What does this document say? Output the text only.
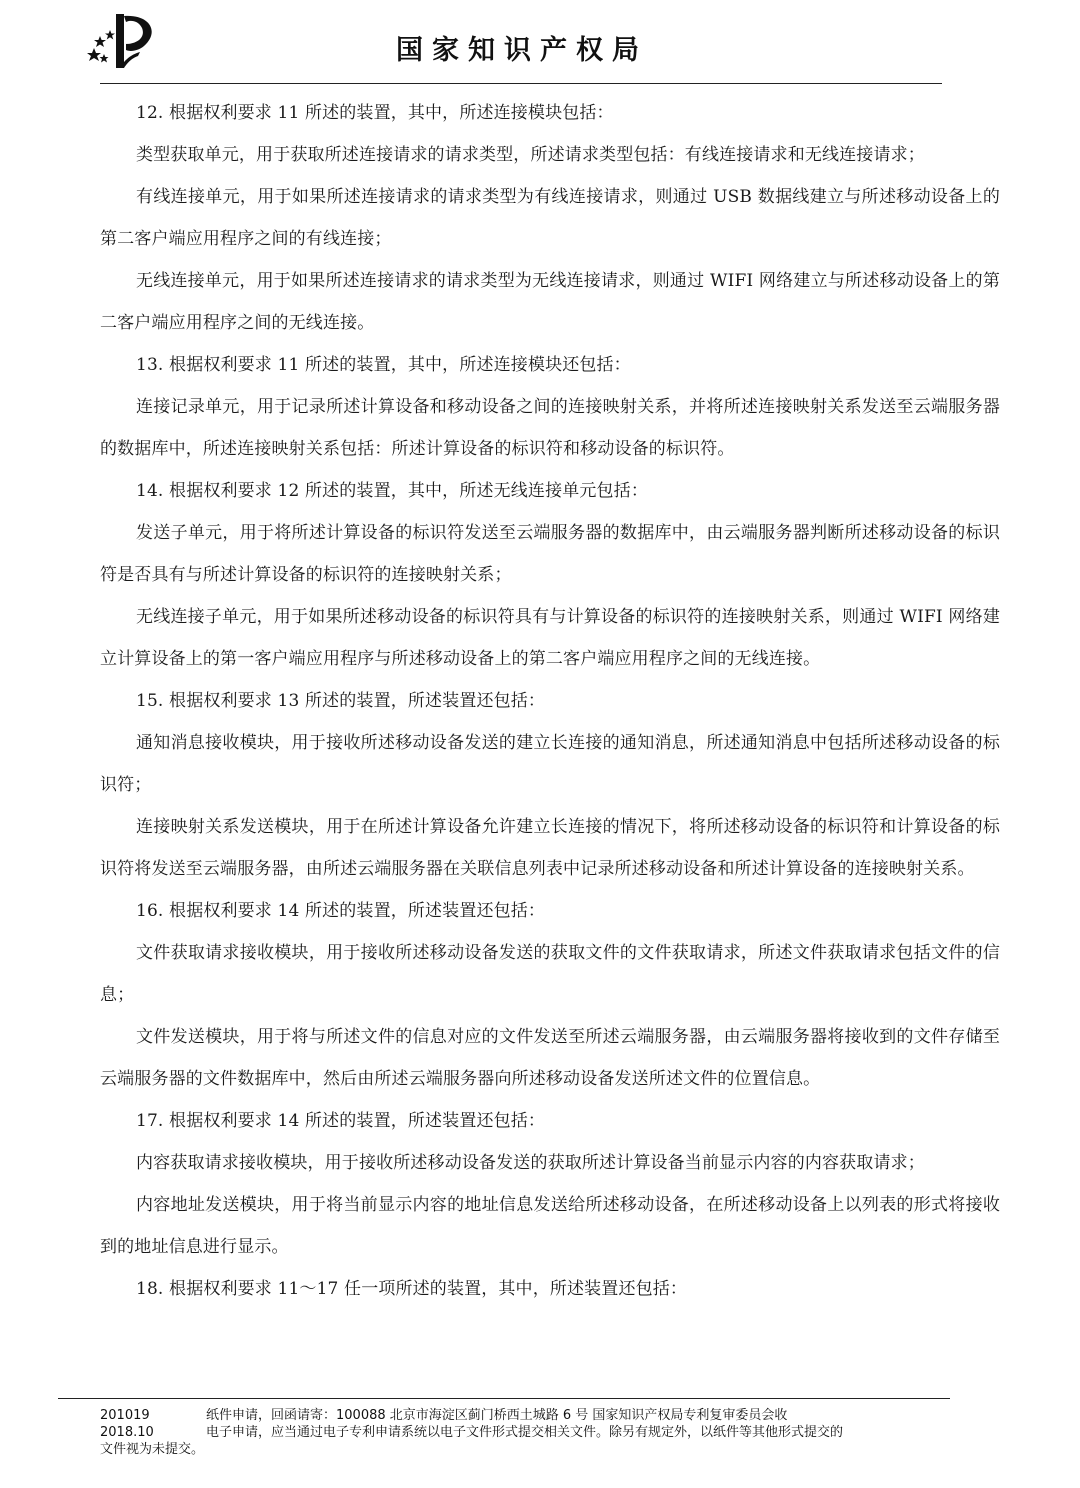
国家知识产权局

12. 根据权利要求 11 所述的装置，其中，所述连接模块包括：

类型获取单元，用于获取所述连接请求的请求类型，所述请求类型包括：有线连接请求和无线连接请求；

有线连接单元，用于如果所述连接请求的请求类型为有线连接请求，则通过 USB 数据线建立与所述移动设备上的第二客户端应用程序之间的有线连接；

无线连接单元，用于如果所述连接请求的请求类型为无线连接请求，则通过 WIFI 网络建立与所述移动设备上的第二客户端应用程序之间的无线连接。

13. 根据权利要求 11 所述的装置，其中，所述连接模块还包括：

连接记录单元，用于记录所述计算设备和移动设备之间的连接映射关系，并将所述连接映射关系发送至云端服务器的数据库中，所述连接映射关系包括：所述计算设备的标识符和移动设备的标识符。

14. 根据权利要求 12 所述的装置，其中，所述无线连接单元包括：

发送子单元，用于将所述计算设备的标识符发送至云端服务器的数据库中，由云端服务器判断所述移动设备的标识符是否具有与所述计算设备的标识符的连接映射关系；

无线连接子单元，用于如果所述移动设备的标识符具有与计算设备的标识符的连接映射关系，则通过 WIFI 网络建立计算设备上的第一客户端应用程序与所述移动设备上的第二客户端应用程序之间的无线连接。

15. 根据权利要求 13 所述的装置，所述装置还包括：

通知消息接收模块，用于接收所述移动设备发送的建立长连接的通知消息，所述通知消息中包括所述移动设备的标识符；

连接映射关系发送模块，用于在所述计算设备允许建立长连接的情况下，将所述移动设备的标识符和计算设备的标识符将发送至云端服务器，由所述云端服务器在关联信息列表中记录所述移动设备和所述计算设备的连接映射关系。

16. 根据权利要求 14 所述的装置，所述装置还包括：

文件获取请求接收模块，用于接收所述移动设备发送的获取文件的文件获取请求，所述文件获取请求包括文件的信息；

文件发送模块，用于将与所述文件的信息对应的文件发送至所述云端服务器，由云端服务器将接收到的文件存储至云端服务器的文件数据库中，然后由所述云端服务器向所述移动设备发送所述文件的位置信息。

17. 根据权利要求 14 所述的装置，所述装置还包括：

内容获取请求接收模块，用于接收所述移动设备发送的获取所述计算设备当前显示内容的内容获取请求；

内容地址发送模块，用于将当前显示内容的地址信息发送给所述移动设备，在所述移动设备上以列表的形式将接收到的地址信息进行显示。

18. 根据权利要求 11～17 任一项所述的装置，其中，所述装置还包括：

201019	纸件申请，回函请寄：100088 北京市海淀区蓟门桥西土城路 6 号 国家知识产权局专利复审委员会收
2018.10	电子申请，应当通过电子专利申请系统以电子文件形式提交相关文件。除另有规定外，以纸件等其他形式提交的

文件视为未提交。
